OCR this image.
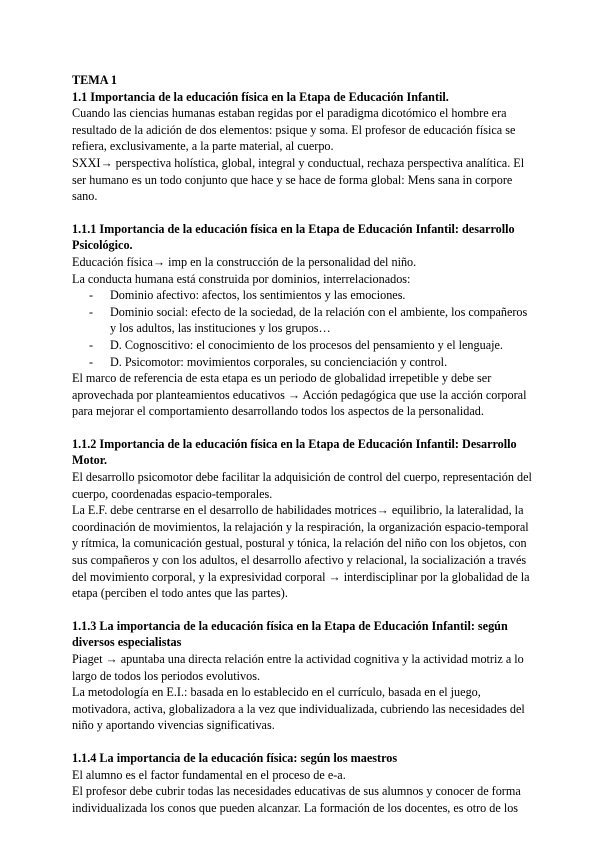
TEMA 1

1.1 Importancia de la educación física en la Etapa de Educación Infantil.

Cuando las ciencias humanas estaban regidas por el paradigma dicotómico el hombre era resultado de la adición de dos elementos: psique y soma. El profesor de educación física se refiera, exclusivamente, a la parte material, al cuerpo.

SXXI→ perspectiva holística, global, integral y conductual, rechaza perspectiva analítica. El ser humano es un todo conjunto que hace y se hace de forma global: Mens sana in corpore sano.

1.1.1 Importancia de la educación física en la Etapa de Educación Infantil: desarrollo Psicológico.

Educación física→ imp en la construcción de la personalidad del niño.

La conducta humana está construida por dominios, interrelacionados:

- Dominio afectivo: afectos, los sentimientos y las emociones.
- Dominio social: efecto de la sociedad, de la relación con el ambiente, los compañeros y los adultos, las instituciones y los grupos…
- D. Cognoscitivo: el conocimiento de los procesos del pensamiento y el lenguaje.
- D. Psicomotor: movimientos corporales, su concienciación y control.

El marco de referencia de esta etapa es un periodo de globalidad irrepetible y debe ser aprovechada por planteamientos educativos → Acción pedagógica que use la acción corporal para mejorar el comportamiento desarrollando todos los aspectos de la personalidad.

1.1.2 Importancia de la educación física en la Etapa de Educación Infantil: Desarrollo Motor.

El desarrollo psicomotor debe facilitar la adquisición de control del cuerpo, representación del cuerpo, coordenadas espacio-temporales.

La E.F. debe centrarse en el desarrollo de habilidades motrices→ equilibrio, la lateralidad, la coordinación de movimientos, la relajación y la respiración, la organización espacio-temporal y rítmica, la comunicación gestual, postural y tónica, la relación del niño con los objetos, con sus compañeros y con los adultos, el desarrollo afectivo y relacional, la socialización a través del movimiento corporal, y la expresividad corporal → interdisciplinar por la globalidad de la etapa (perciben el todo antes que las partes).

1.1.3 La importancia de la educación física en la Etapa de Educación Infantil: según diversos especialistas

Piaget → apuntaba una directa relación entre la actividad cognitiva y la actividad motriz a lo largo de todos los periodos evolutivos.

La metodología en E.I.: basada en lo establecido en el currículo, basada en el juego, motivadora, activa, globalizadora a la vez que individualizada, cubriendo las necesidades del niño y aportando vivencias significativas.

1.1.4 La importancia de la educación física: según los maestros

El alumno es el factor fundamental en el proceso de e-a.

El profesor debe cubrir todas las necesidades educativas de sus alumnos y conocer de forma individualizada los conos que pueden alcanzar. La formación de los docentes, es otro de los
